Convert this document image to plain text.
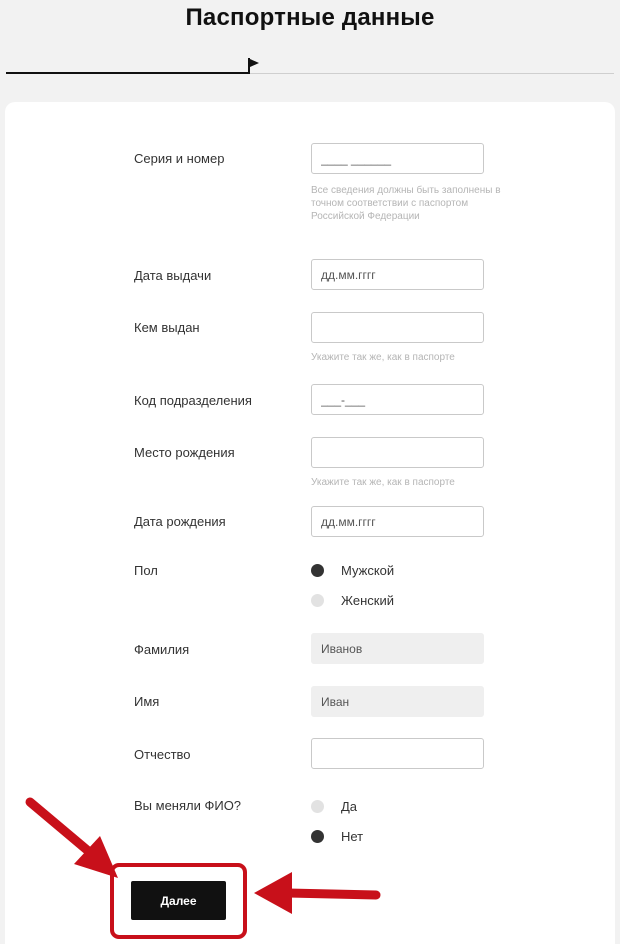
Паспортные данные
Серия и номер
____ ______
Все сведения должны быть заполнены в точном соответствии с паспортом Российской Федерации
Дата выдачи
дд.мм.гггг
Кем выдан
Укажите так же, как в паспорте
Код подразделения
___-___
Место рождения
Укажите так же, как в паспорте
Дата рождения
дд.мм.гггг
Пол	Мужской
Женский
Фамилия
Иванов
Имя
Иван
Отчество
Вы меняли ФИО?	Да
Нет
Далее
